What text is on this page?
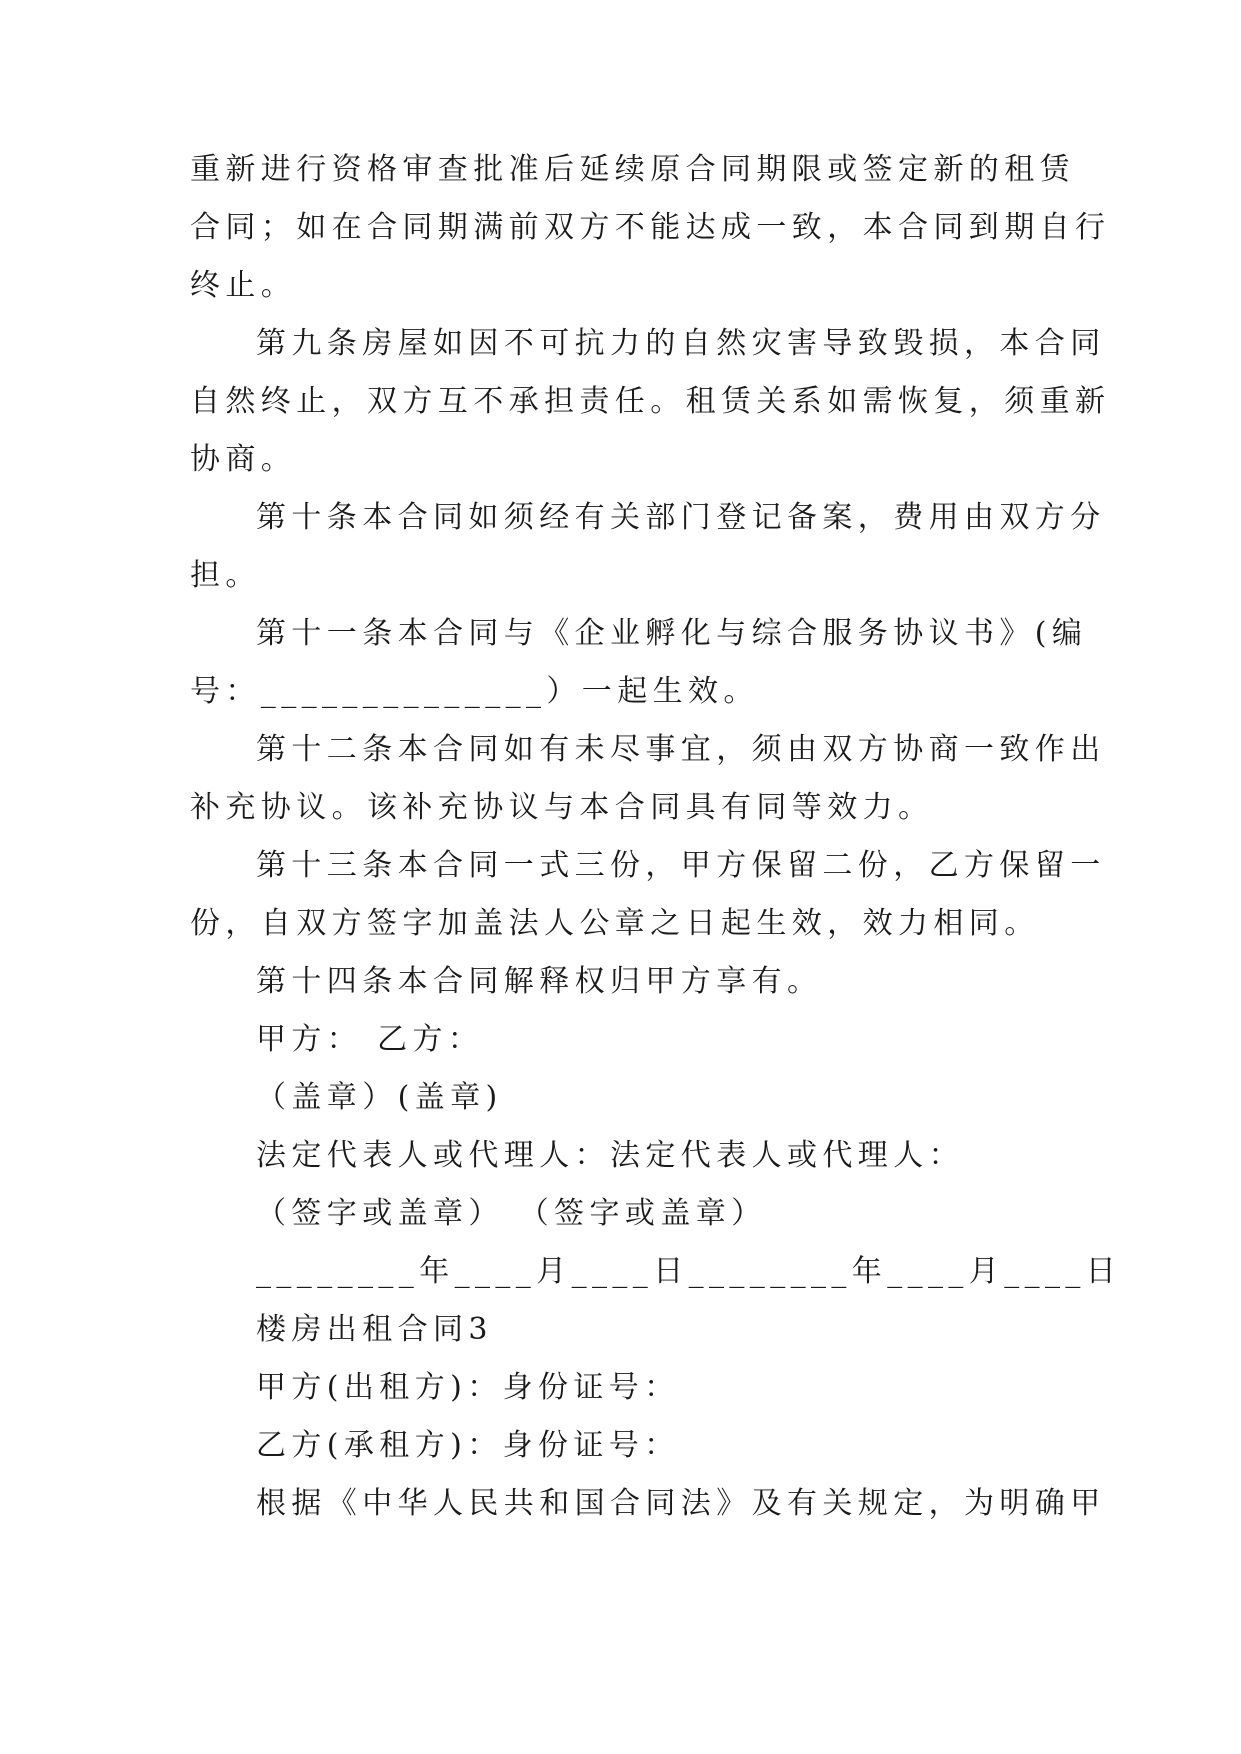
重新进行资格审查批准后延续原合同期限或签定新的租赁

合同；如在合同期满前双方不能达成一致，本合同到期自行

终止。

第九条房屋如因不可抗力的自然灾害导致毁损，本合同

自然终止，双方互不承担责任。租赁关系如需恢复，须重新

协商。

第十条本合同如须经有关部门登记备案，费用由双方分

担。

第十一条本合同与《企业孵化与综合服务协议书》(编

号：______________）一起生效。

第十二条本合同如有未尽事宜，须由双方协商一致作出

补充协议。该补充协议与本合同具有同等效力。

第十三条本合同一式三份，甲方保留二份，乙方保留一

份，自双方签字加盖法人公章之日起生效，效力相同。

第十四条本合同解释权归甲方享有。

甲方： 乙方：

（盖章）(盖章)

法定代表人或代理人：法定代表人或代理人：

（签字或盖章） （签字或盖章）

________年____月____日________年____月____日

楼房出租合同3

甲方(出租方)：身份证号：

乙方(承租方)：身份证号：

根据《中华人民共和国合同法》及有关规定，为明确甲
